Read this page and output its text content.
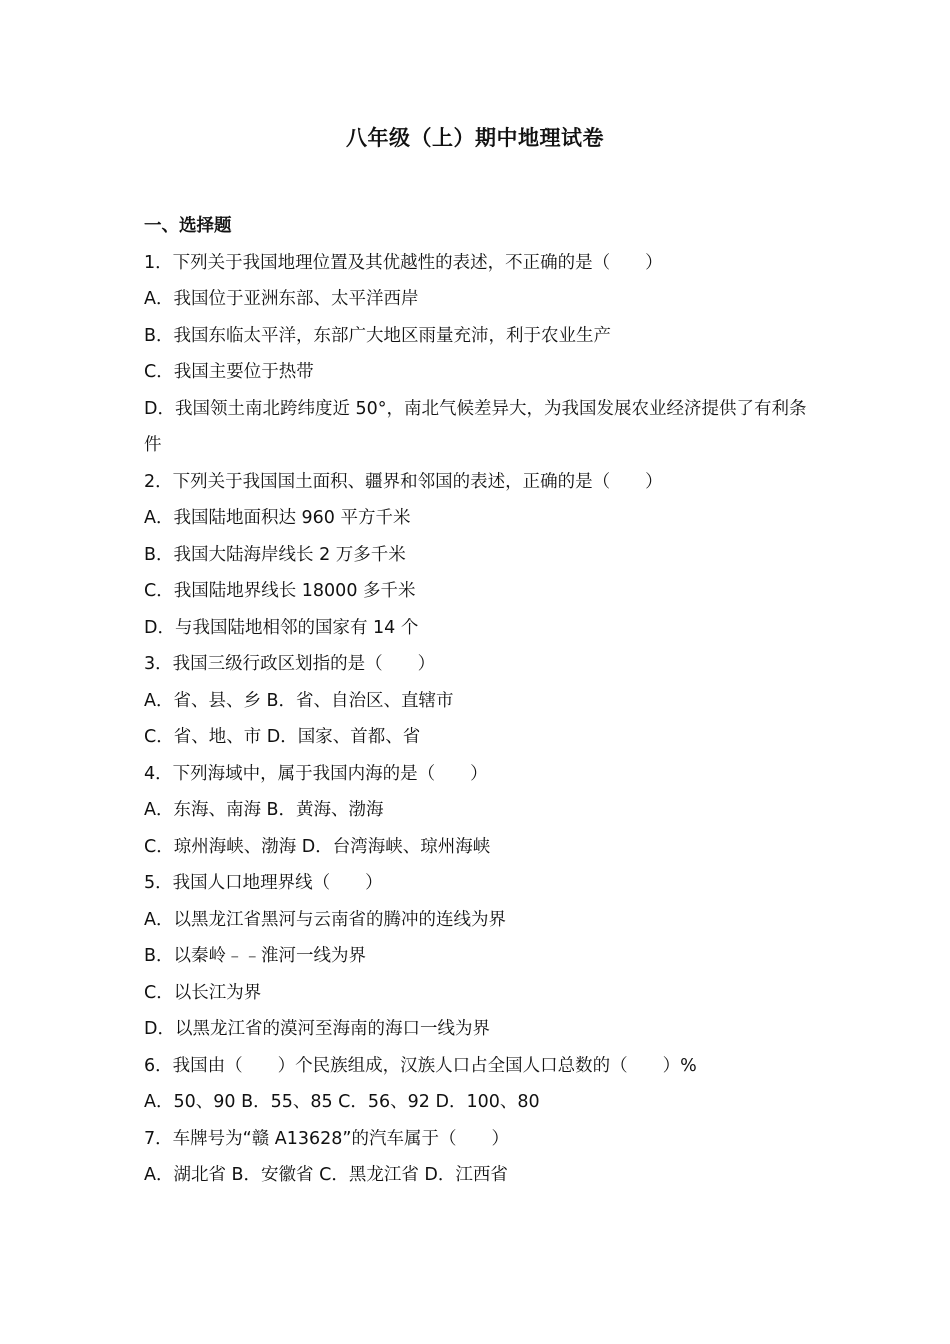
八年级（上）期中地理试卷
一、选择题
1．下列关于我国地理位置及其优越性的表述，不正确的是（　　）
A．我国位于亚洲东部、太平洋西岸
B．我国东临太平洋，东部广大地区雨量充沛，利于农业生产
C．我国主要位于热带
D．我国领土南北跨纬度近 50°，南北气候差异大，为我国发展农业经济提供了有利条件
2．下列关于我国国土面积、疆界和邻国的表述，正确的是（　　）
A．我国陆地面积达 960 平方千米
B．我国大陆海岸线长 2 万多千米
C．我国陆地界线长 18000 多千米
D．与我国陆地相邻的国家有 14 个
3．我国三级行政区划指的是（　　）
A．省、县、乡 B．省、自治区、直辖市
C．省、地、市 D．国家、首都、省
4．下列海域中，属于我国内海的是（　　）
A．东海、南海 B．黄海、渤海
C．琼州海峡、渤海 D．台湾海峡、琼州海峡
5．我国人口地理界线（　　）
A．以黑龙江省黑河与云南省的腾冲的连线为界
B．以秦岭﹣﹣淮河一线为界
C．以长江为界
D．以黑龙江省的漠河至海南的海口一线为界
6．我国由（　　）个民族组成，汉族人口占全国人口总数的（　　）%
A．50、90 B．55、85 C．56、92 D．100、80
7．车牌号为“赣 A13628”的汽车属于（　　）
A．湖北省 B．安徽省 C．黑龙江省 D．江西省
